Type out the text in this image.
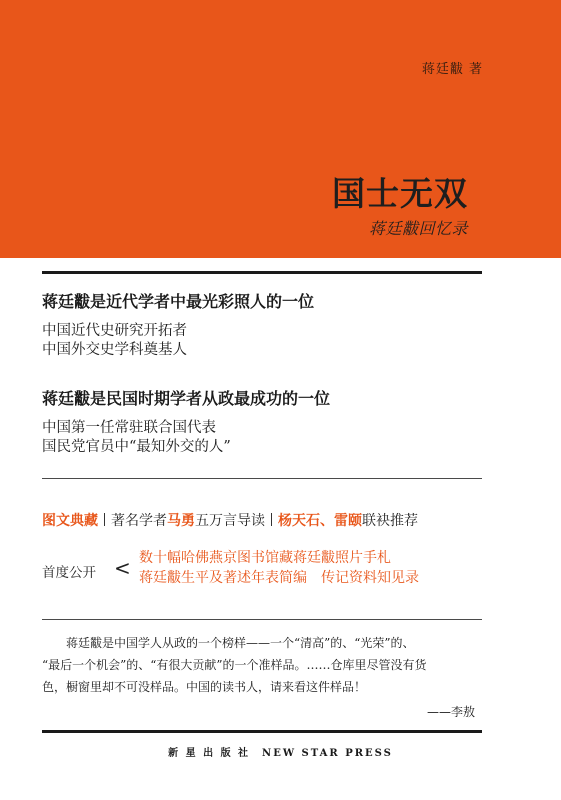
蒋廷黻 著
国士无双
蒋廷黻回忆录
蒋廷黻是近代学者中最光彩照人的一位
中国近代史研究开拓者
中国外交史学科奠基人
蒋廷黻是民国时期学者从政最成功的一位
中国第一任常驻联合国代表
国民党官员中“最知外交的人”
图文典藏 著名学者马勇五万言导读 杨天石、雷颐联袂推荐
首度公开 < 数十幅哈佛燕京图书馆藏蒋廷黻照片手札
蒋廷黻生平及著述年表简编　传记资料知见录
蒋廷黻是中国学人从政的一个榜样——一个“清高”的、“光荣”的、
“最后一个机会”的、“有很大贡献”的一个准样品。……仓库里尽管没有货
色，橱窗里却不可没样品。中国的读书人，请来看这件样品！
——李敖
新 星 出 版 社　NEW STAR PRESS
